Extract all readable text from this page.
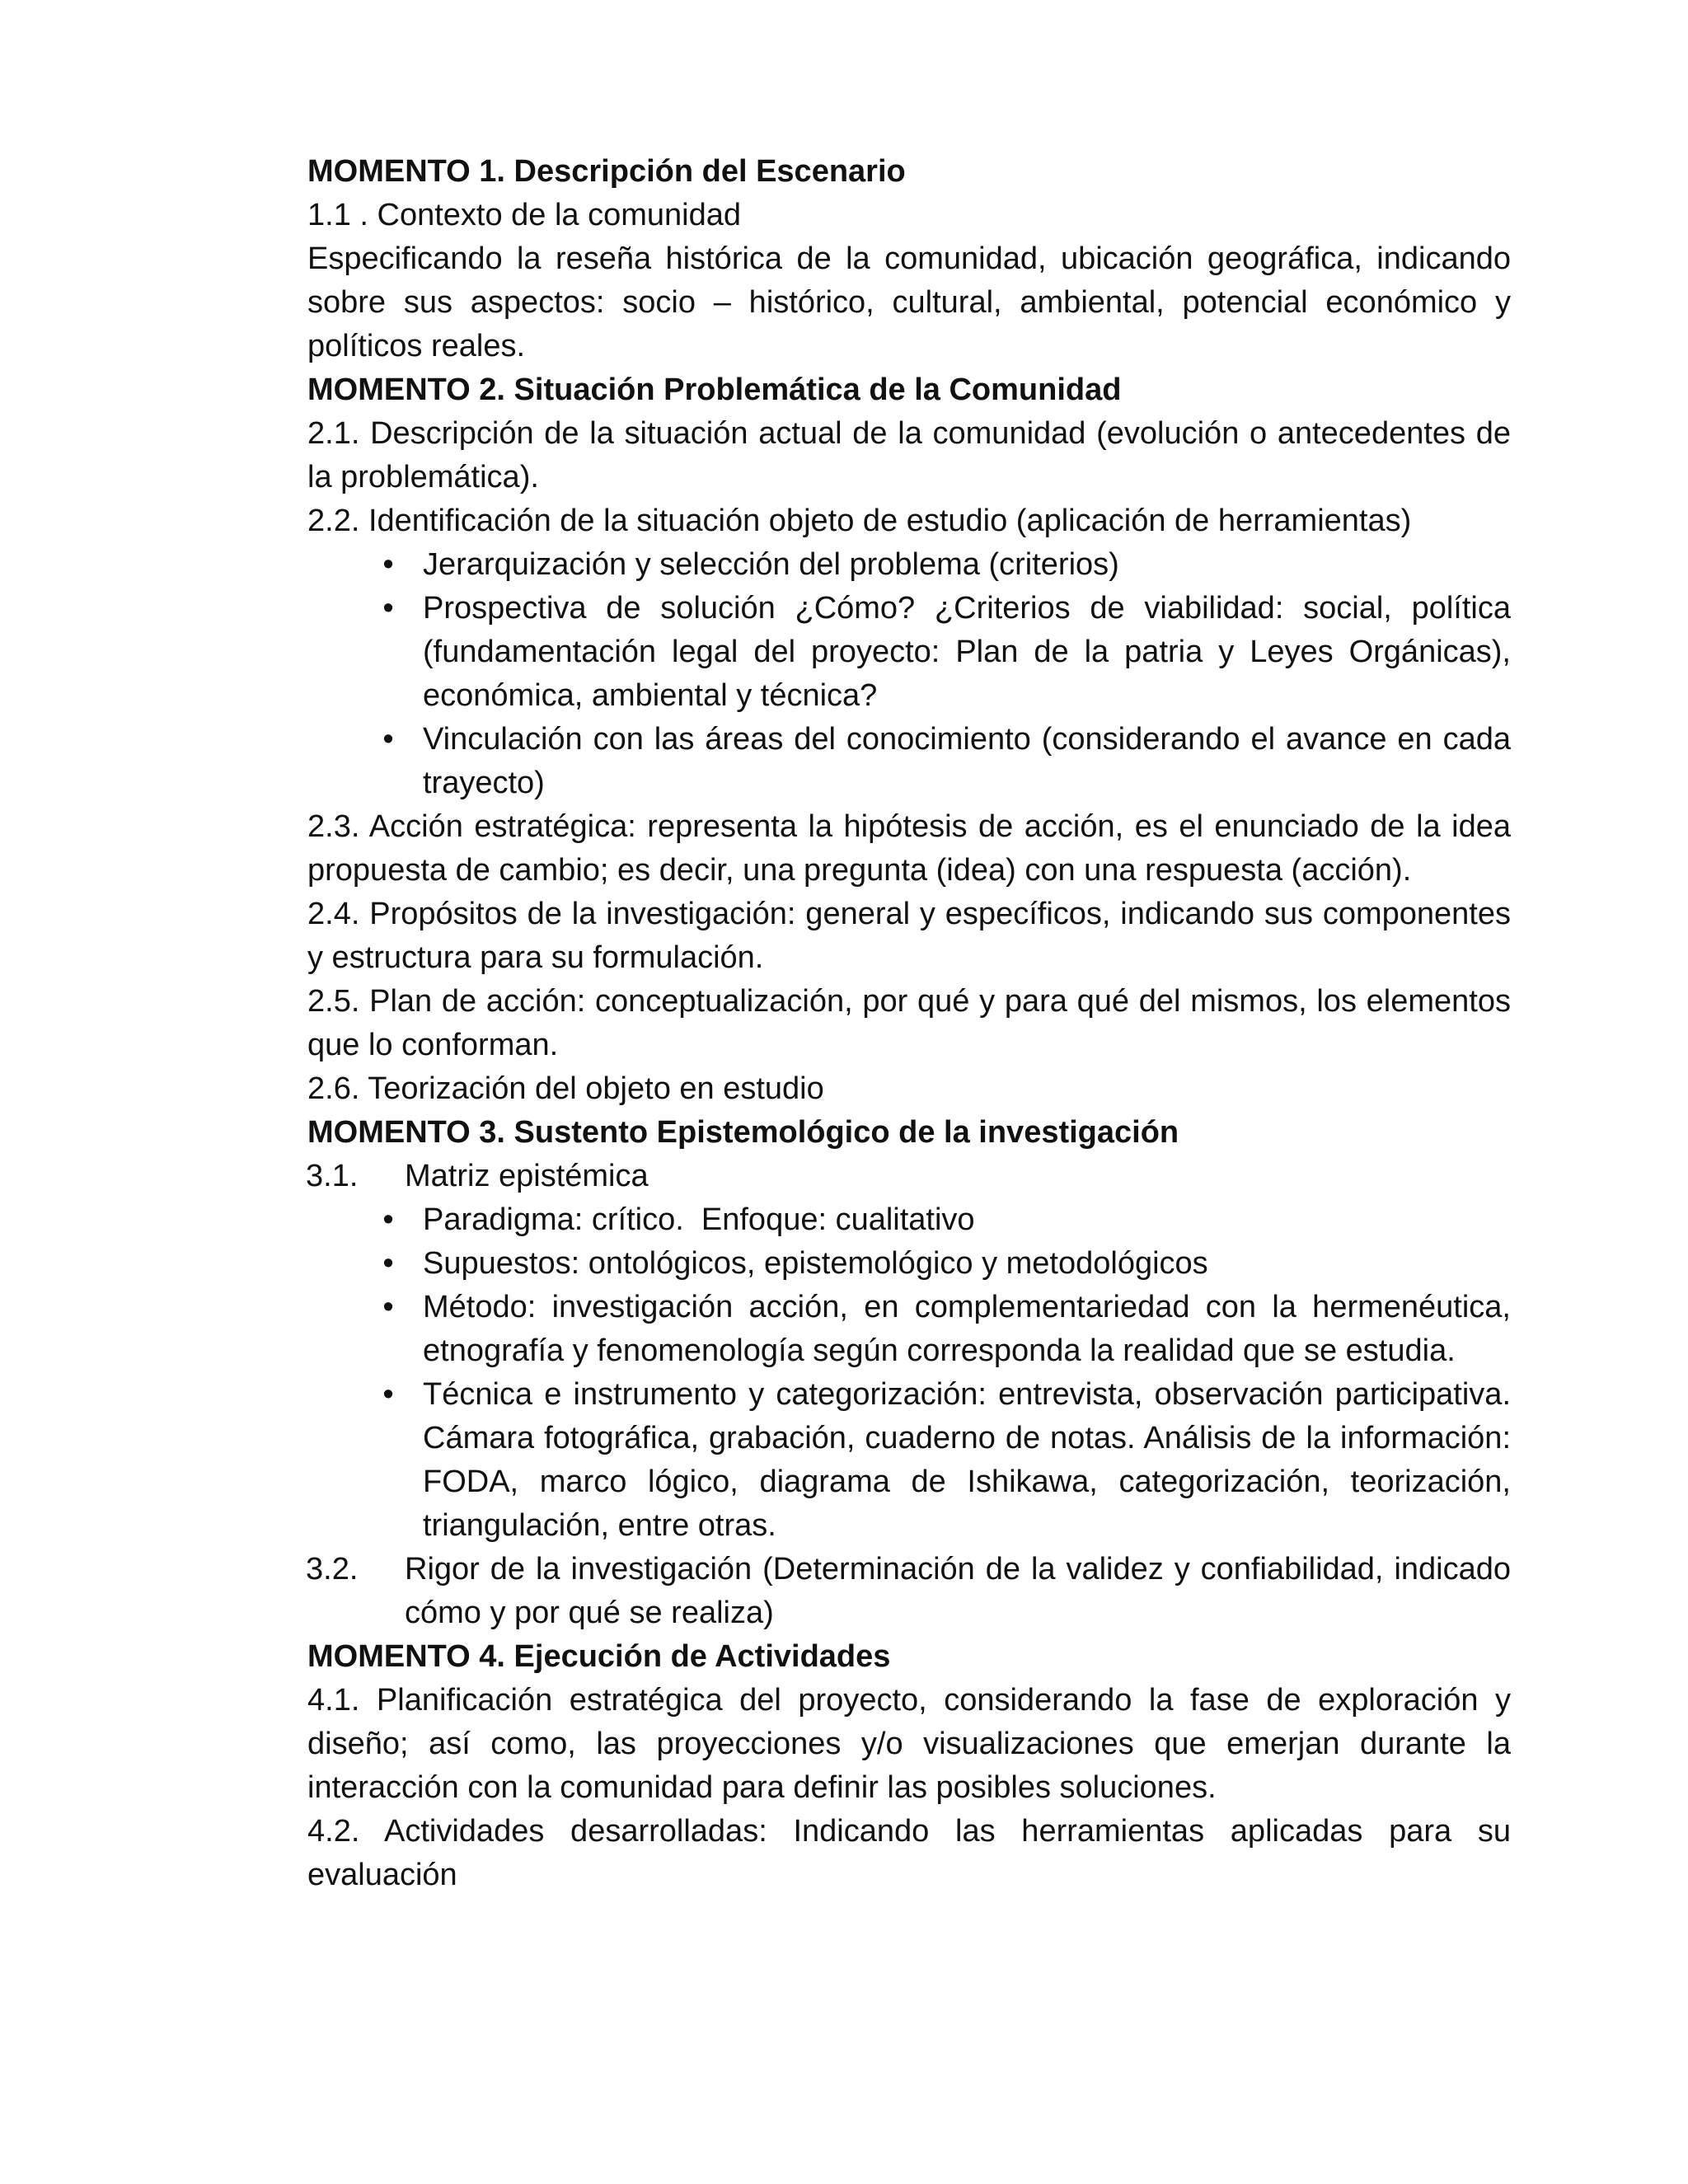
MOMENTO 1. Descripción del Escenario

1.1 . Contexto de la comunidad

Especificando la reseña histórica de la comunidad, ubicación geográfica, indicando sobre sus aspectos: socio – histórico, cultural, ambiental, potencial económico y políticos reales.

MOMENTO 2. Situación Problemática de la Comunidad

2.1. Descripción de la situación actual de la comunidad (evolución o antecedentes de la problemática).

2.2. Identificación de la situación objeto de estudio (aplicación de herramientas)

• Jerarquización y selección del problema (criterios)
• Prospectiva de solución ¿Cómo? ¿Criterios de viabilidad: social, política (fundamentación legal del proyecto: Plan de la patria y Leyes Orgánicas), económica, ambiental y técnica?
• Vinculación con las áreas del conocimiento (considerando el avance en cada trayecto)

2.3. Acción estratégica: representa la hipótesis de acción, es el enunciado de la idea propuesta de cambio; es decir, una pregunta (idea) con una respuesta (acción).

2.4. Propósitos de la investigación: general y específicos, indicando sus componentes y estructura para su formulación.

2.5. Plan de acción: conceptualización, por qué y para qué del mismos, los elementos que lo conforman.

2.6. Teorización del objeto en estudio

MOMENTO 3. Sustento Epistemológico de la investigación

3.1. Matriz epistémica
• Paradigma: crítico.  Enfoque: cualitativo
• Supuestos: ontológicos, epistemológico y metodológicos
• Método: investigación acción, en complementariedad con la hermenéutica, etnografía y fenomenología según corresponda la realidad que se estudia.
• Técnica e instrumento y categorización: entrevista, observación participativa. Cámara fotográfica, grabación, cuaderno de notas. Análisis de la información: FODA, marco lógico, diagrama de Ishikawa, categorización, teorización, triangulación, entre otras.
3.2. Rigor de la investigación (Determinación de la validez y confiabilidad, indicado cómo y por qué se realiza)

MOMENTO 4. Ejecución de Actividades

4.1. Planificación estratégica del proyecto, considerando la fase de exploración y diseño; así como, las proyecciones y/o visualizaciones que emerjan durante la interacción con la comunidad para definir las posibles soluciones.

4.2. Actividades desarrolladas: Indicando las herramientas aplicadas para su evaluación
